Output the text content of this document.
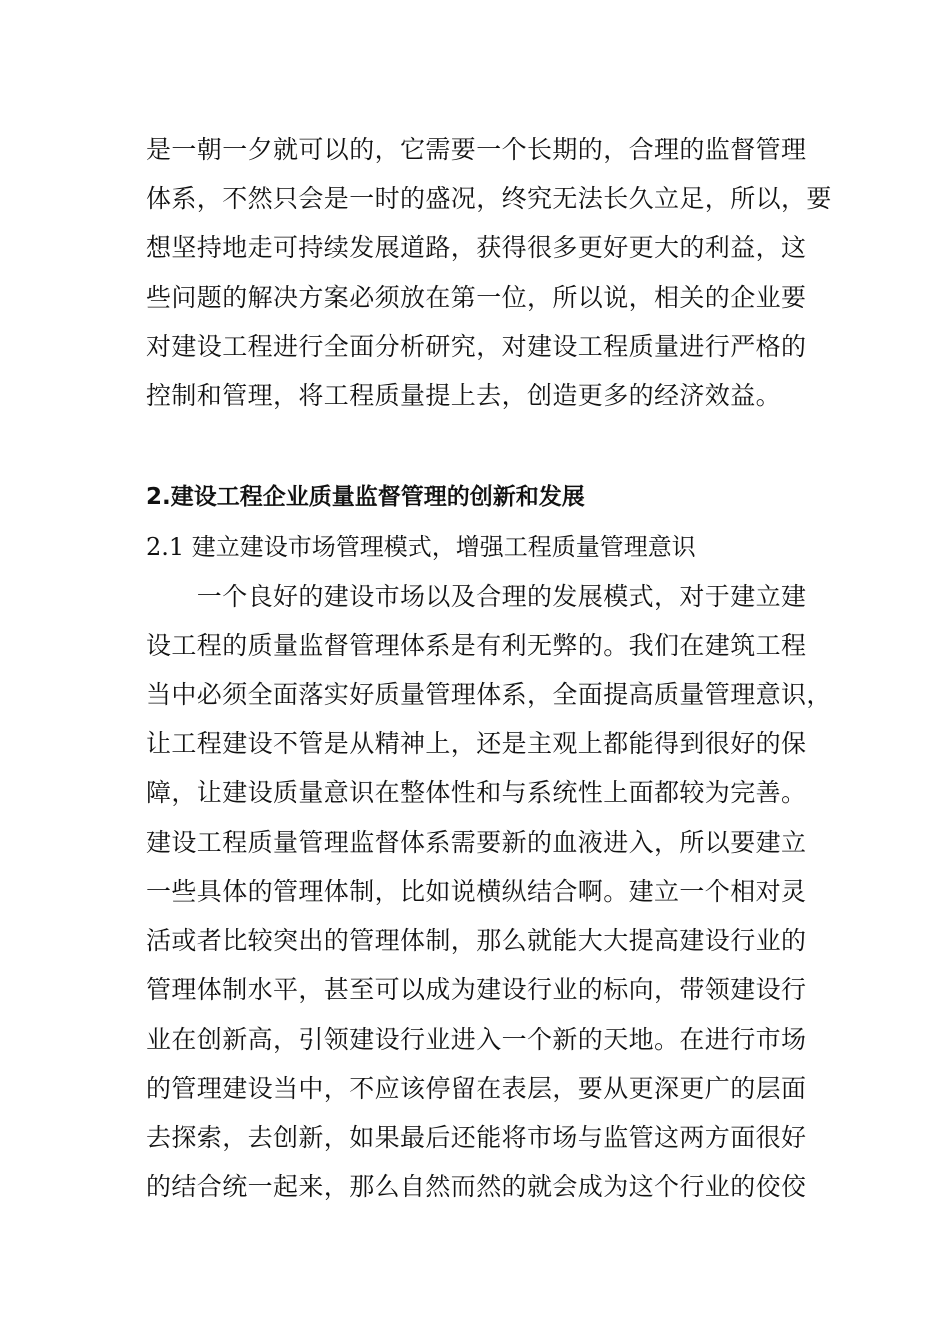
是一朝一夕就可以的，它需要一个长期的，合理的监督管理
体系，不然只会是一时的盛况，终究无法长久立足，所以，要
想坚持地走可持续发展道路，获得很多更好更大的利益，这
些问题的解决方案必须放在第一位，所以说，相关的企业要
对建设工程进行全面分析研究，对建设工程质量进行严格的
控制和管理，将工程质量提上去，创造更多的经济效益。
2.建设工程企业质量监督管理的创新和发展
2.1 建立建设市场管理模式，增强工程质量管理意识
　　一个良好的建设市场以及合理的发展模式，对于建立建
设工程的质量监督管理体系是有利无弊的。我们在建筑工程
当中必须全面落实好质量管理体系，全面提高质量管理意识，
让工程建设不管是从精神上，还是主观上都能得到很好的保
障，让建设质量意识在整体性和与系统性上面都较为完善。
建设工程质量管理监督体系需要新的血液进入，所以要建立
一些具体的管理体制，比如说横纵结合啊。建立一个相对灵
活或者比较突出的管理体制，那么就能大大提高建设行业的
管理体制水平，甚至可以成为建设行业的标向，带领建设行
业在创新高，引领建设行业进入一个新的天地。在进行市场
的管理建设当中，不应该停留在表层，要从更深更广的层面
去探索，去创新，如果最后还能将市场与监管这两方面很好
的结合统一起来，那么自然而然的就会成为这个行业的佼佼
